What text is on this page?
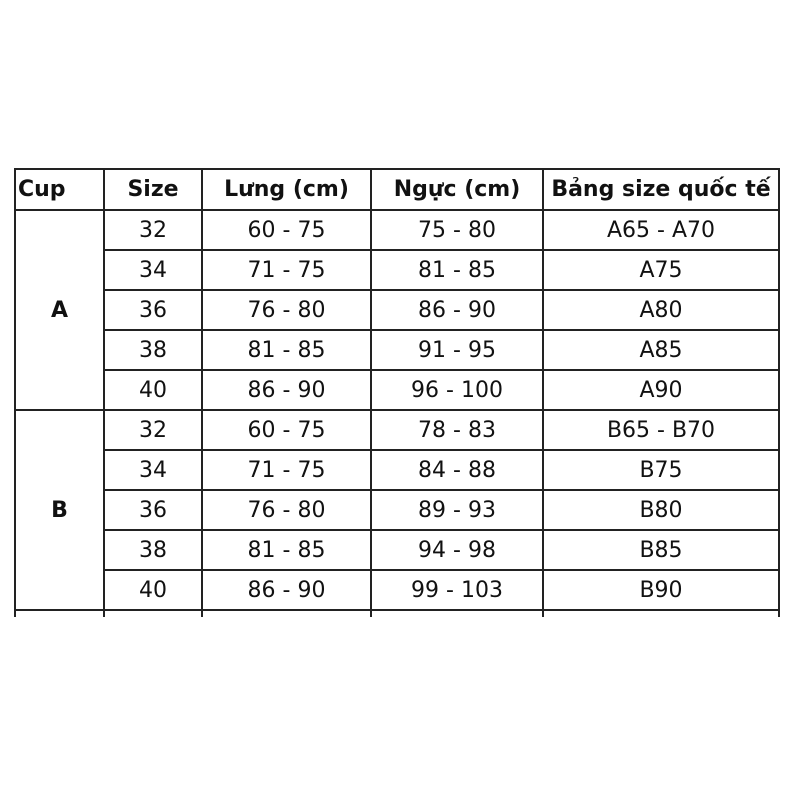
Cup	Size	Lưng (cm)	Ngực (cm)	Bảng size quốc tế
A	32	60 - 75	75 - 80	A65 - A70
	34	71 - 75	81 - 85	A75
	36	76 - 80	86 - 90	A80
	38	81 - 85	91 - 95	A85
	40	86 - 90	96 - 100	A90
B	32	60 - 75	78 - 83	B65 - B70
	34	71 - 75	84 - 88	B75
	36	76 - 80	89 - 93	B80
	38	81 - 85	94 - 98	B85
	40	86 - 90	99 - 103	B90
